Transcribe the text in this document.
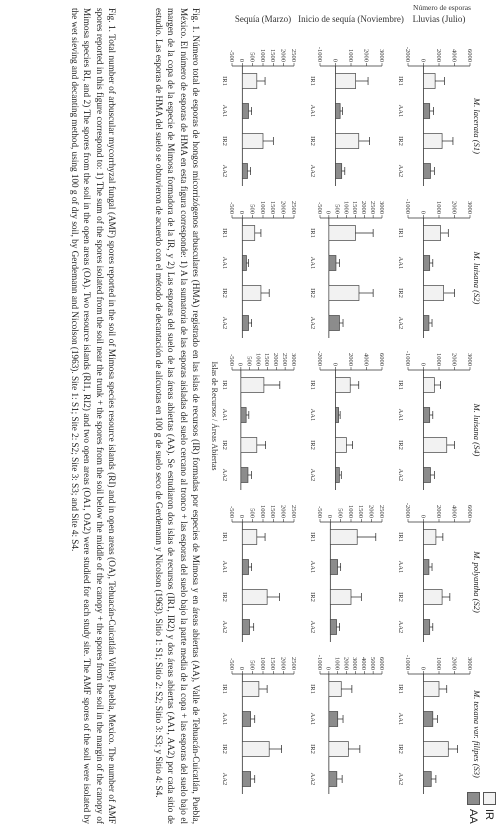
Número de esporas
Lluvias (Julio)
Inicio de sequía (Noviembre)
Sequía (Marzo)
M. lacerata (S1)
-2000 0 2000 4000 6000
IR1
AA1
IR2
AA2
M. luisana (S2)
-1000 0 1000 2000 3000
IR1
AA1
IR2
AA2
M. luisana (S4)
-1000 0 1000 2000 3000
IR1
AA1
IR2
AA2
M. polyantha (S2)
-2000 0 2000 4000 6000
IR1
AA1
IR2
AA2
M. texana var. filipes (S3)
-1000 0 1000 2000 3000
IR1
AA1
IR2
AA2
-1000 0 1000 2000 3000
IR1
AA1
IR2
AA2
-500 0 500 1000 1500 2000 2500 3000
IR1
AA1
IR2
AA2
-2000 0 2000 4000 6000
IR1
AA1
IR2
AA2
-500 0 500 1000 1500 2000 2500
IR1
AA1
IR2
AA2
-1000 0 1000 2000 3000 4000 5000 6000
IR1
AA1
IR2
AA2
-500 0 500 1000 1500 2000 2500
IR1
AA1
IR2
AA2
-500 0 500 1000 1500 2000 2500
IR1
AA1
IR2
AA2
-500 0 500 1000 1500 2000 2500 3000
IR1
AA1
IR2
AA2
-500 0 500 1000 1500 2000 2500
IR1
AA1
IR2
AA2
-500 0 500 1000 1500 2000 2500
IR1
AA1
IR2
AA2
Islas de Recursos / Áreas Abiertas
IR
AA
Fig. 1. Número total de esporas de hongos micorrizógenos arbusculares (HMA) registrado en las islas de recursos (IR) formadas por especies de Mimosa y en áreas abiertas (AA), Valle de Tehuacán-Cuicatlán, Puebla, México. El número de esporas de HMA en esta figura corresponde: 1) A la sumatoria de las esporas aisladas del suelo cercano al tronco + las esporas del suelo bajo la parte media de la copa + las esporas del suelo bajo el margen de la copa de la especie de Mimosa formadora de la IR, y 2) Las esporas del suelo de las áreas abiertas (AA). Se estudiaron dos islas de recursos (IR1, IR2) y dos áreas abiertas (AA1, AA2) por cada sitio de estudio. Las esporas de HMA del suelo se obtuvieron de acuerdo con el método de decantación de alícuotas en 100 g de suelo seco de Gerdemann y Nicolson (1963). Sitio 1: S1; Sitio 2: S2; Sitio 3: S3; y Sitio 4: S4.
Fig. 1. Total number of arbuscular mycorrhyzal fungal (AMF) spores reported in the soil of Mimosa species resource islands (RI) and in open areas (OA), Tehuacán-Cuicatlán Valley, Puebla, Mexico. The number of AMF spores reported in this figure correspond to: 1) The sum of the spores isolated from the soil near the trunk + the spores from the soil below the middle of the canopy + the spores from the soil in the margin of the canopy of Mimosa species RI, and 2) The spores from the soil in the open areas (OA). Two resource islands (RI1, RI2) and two open areas (OA1, OA2) were studied for each study site. The AMF spores of the soil were isolated by the wet sieving and decanting method, using 100 g of dry soil, by Gerdemann and Nicolson (1963). Site 1: S1; Site 2: S2; Site 3: S3; and Site 4: S4.
